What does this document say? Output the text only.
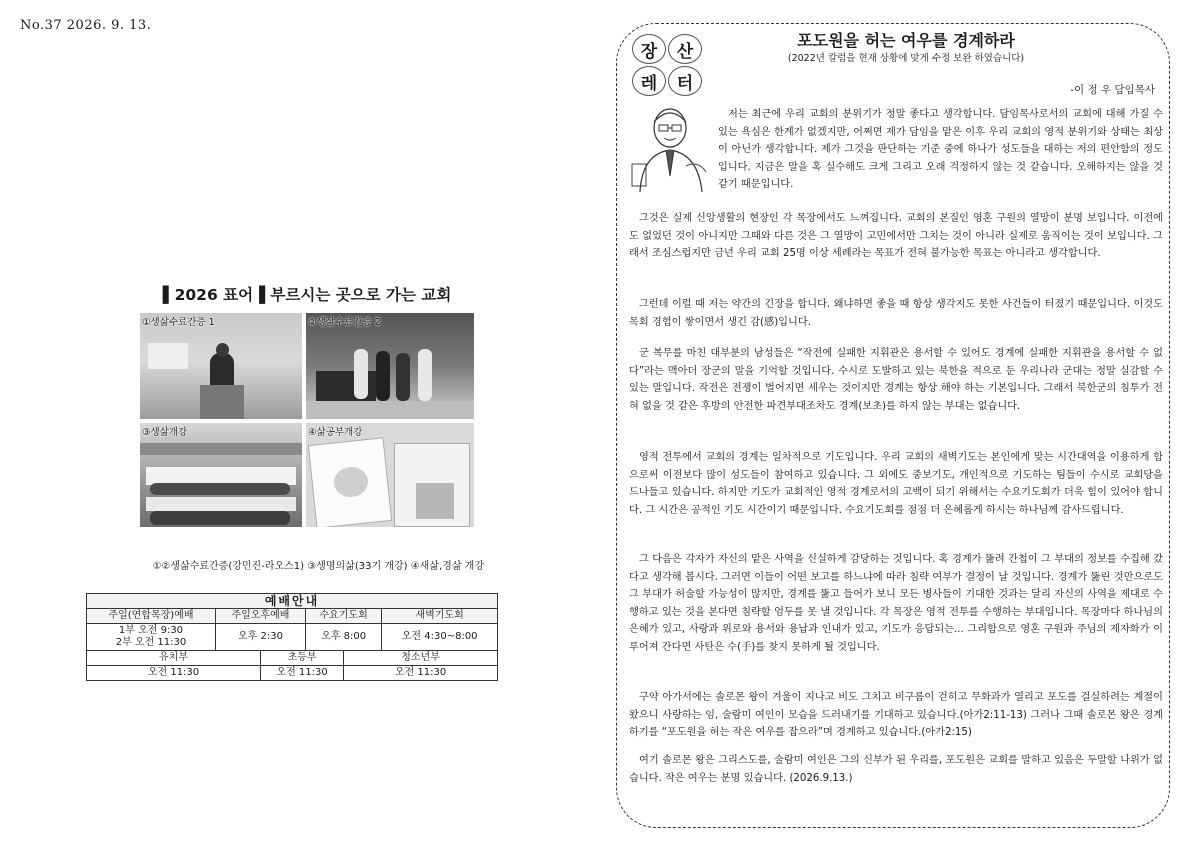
No.37 2026. 9. 13.
▌2026 표어▐ 부르시는 곳으로 가는 교회
①생삶수료간증 1	②생삶수료간증 2
③생삶개강	④삶공부개강
①②생삶수료간증(강민진-라오스1) ③생명의삶(33기 개강) ④새삶,경삶 개강
예배안내					
주일(연합목장)예배	주일오후예배		수요기도회		새벽기도회

1부 오전 9:30
2부 오전 11:30	오후 2:30		오후 8:00		오전 4:30~8:00
유치부		초등부		청소년부	
오전 11:30		오전 11:30		오전 11:30	
장	산
레	터
포도원을 허는 여우를 경계하라
(2022년 칼럼을 현재 상황에 맞게 수정 보완 하였습니다)
-이 정 우 담임목사
저는 최근에 우리 교회의 분위기가 정말 좋다고 생각합니다. 담임목사로서의 교회에 대해 가질 수 있는 욕심은 한계가 없겠지만, 어쩌면 제가 담임을 맡은 이후 우리 교회의 영적 분위기와 상태는 최상이 아닌가 생각합니다. 제가 그것을 판단하는 기준 중에 하나가 성도들을 대하는 저의 편안함의 정도입니다. 지금은 말을 혹 실수해도 크게 그리고 오래 걱정하지 않는 것 같습니다. 오해하지는 않을 것 같기 때문입니다.
그것은 실제 신앙생활의 현장인 각 목장에서도 느껴집니다. 교회의 본질인 영혼 구원의 열망이 분명 보입니다. 이전에도 없었던 것이 아니지만 그때와 다른 것은 그 열망이 고민에서만 그치는 것이 아니라 실제로 움직이는 것이 보입니다. 그래서 조심스럽지만 금년 우리 교회 25명 이상 세례라는 목표가 전혀 불가능한 목표는 아니라고 생각합니다.
그런데 이럴 때 저는 약간의 긴장을 합니다. 왜냐하면 좋을 때 항상 생각지도 못한 사건들이 터졌기 때문입니다. 이것도 목회 경험이 쌓이면서 생긴 감(感)입니다.
군 복무를 마친 대부분의 남성들은 “작전에 실패한 지휘관은 용서할 수 있어도 경계에 실패한 지휘관을 용서할 수 없다”라는 맥아더 장군의 말을 기억할 것입니다. 수시로 도발하고 있는 북한을 적으로 둔 우리나라 군대는 정말 실감할 수 있는 말입니다. 작전은 전쟁이 벌어지면 세우는 것이지만 경계는 항상 해야 하는 기본입니다. 그래서 북한군의 침투가 전혀 없을 것 같은 후방의 안전한 파견부대조차도 경계(보초)를 하지 않는 부대는 없습니다.
영적 전투에서 교회의 경계는 일차적으로 기도입니다. 우리 교회의 새벽기도는 본인에게 맞는 시간대역을 이용하게 함으로써 이전보다 많이 성도들이 참여하고 있습니다. 그 외에도 중보기도, 개인적으로 기도하는 팀들이 수시로 교회당을 드나들고 있습니다. 하지만 기도가 교회적인 영적 경계로서의 고백이 되기 위해서는 수요기도회가 더욱 힘이 있어야 합니다. 그 시간은 공적인 기도 시간이기 때문입니다. 수요기도회를 점점 더 은혜롭게 하시는 하나님께 감사드립니다.
그 다음은 각자가 자신의 맡은 사역을 신실하게 감당하는 것입니다. 혹 경계가 뚫려 간첩이 그 부대의 정보를 수집해 갔다고 생각해 봅시다. 그러면 이들이 어떤 보고를 하느냐에 따라 침략 여부가 결정이 날 것입니다. 경계가 뚫린 것만으로도 그 부대가 허술할 가능성이 많지만, 경계를 뚫고 들어가 보니 모든 병사들이 기대한 것과는 달리 자신의 사역을 제대로 수행하고 있는 것을 본다면 침략할 엄두를 못 낼 것입니다. 각 목장은 영적 전투를 수행하는 부대입니다. 목장마다 하나님의 은혜가 있고, 사랑과 위로와 용서와 용납과 인내가 있고, 기도가 응답되는... 그리함으로 영혼 구원과 주님의 제자화가 이루어져 간다면 사탄은 수(手)를 찾지 못하게 될 것입니다.
구약 아가서에는 솔로몬 왕이 겨울이 지나고 비도 그치고 비구름이 걷히고 무화과가 열리고 포도를 걸실하려는 계절이 왔으니 사랑하는 임, 술람미 여인이 모습을 드러내기를 기대하고 있습니다.(아가2:11-13) 그러나 그때 솔로몬 왕은 경계하기를 “포도원을 허는 작은 여우를 잡으라”며 경계하고 있습니다.(아가2:15)
여기 솔로몬 왕은 그리스도를, 술람미 여인은 그의 신부가 된 우리를, 포도원은 교회를 말하고 있음은 두말할 나위가 없습니다. 작은 여우는 분명 있습니다. (2026.9.13.)
